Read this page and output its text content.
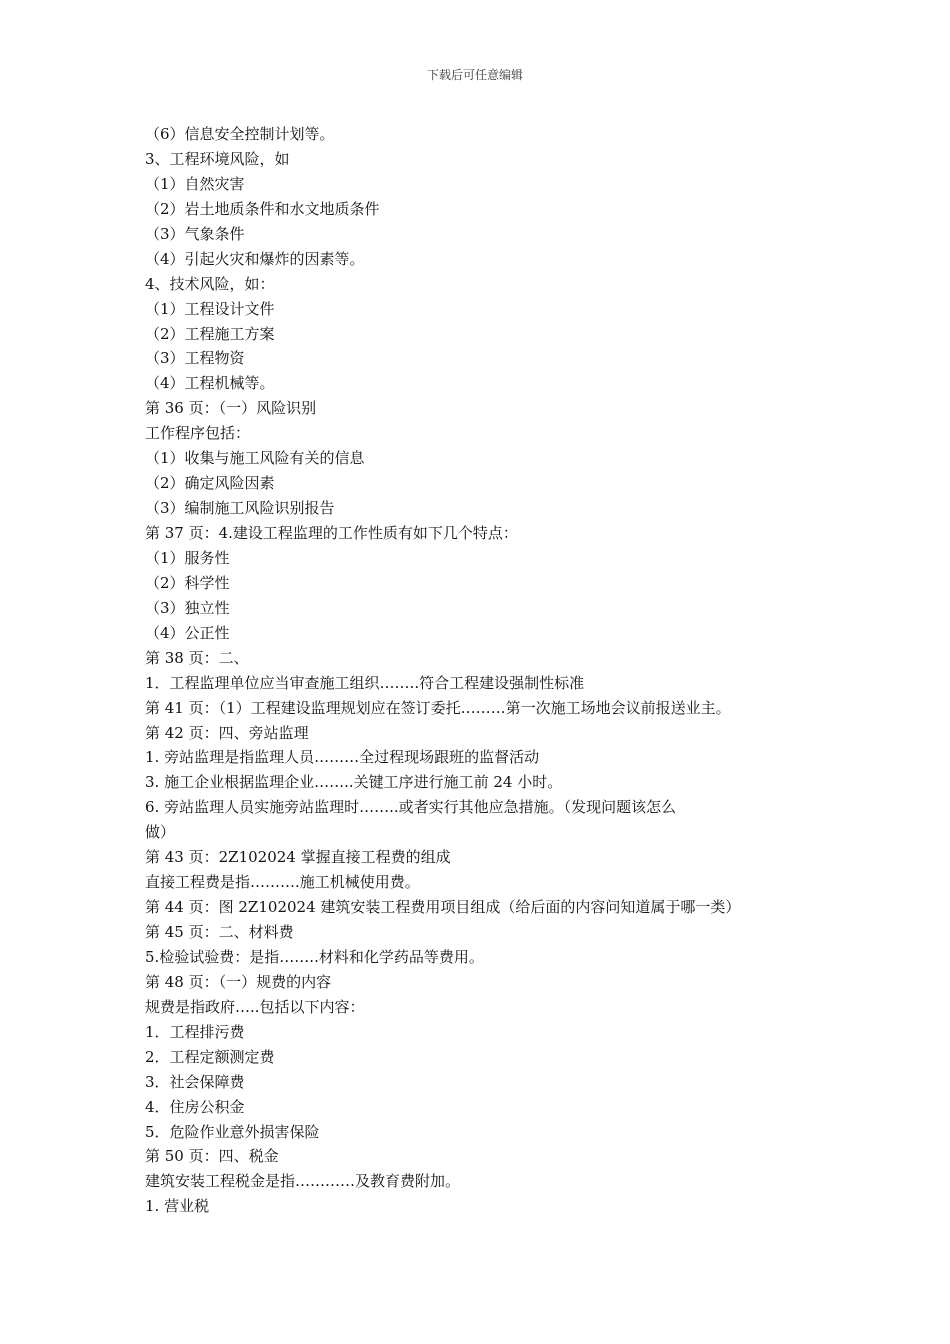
下载后可任意编辑
（6）信息安全控制计划等。
3、工程环境风险，如
（1）自然灾害
（2）岩土地质条件和水文地质条件
（3）气象条件
（4）引起火灾和爆炸的因素等。
4、技术风险，如：
（1）工程设计文件
（2）工程施工方案
（3）工程物资
（4）工程机械等。
第 36 页：（一）风险识别
工作程序包括：
（1）收集与施工风险有关的信息
（2）确定风险因素
（3）编制施工风险识别报告
第 37 页：4.建设工程监理的工作性质有如下几个特点：
（1）服务性
（2）科学性
（3）独立性
（4）公正性
第 38 页：二、
1．工程监理单位应当审查施工组织……..符合工程建设强制性标准
第 41 页：（1）工程建设监理规划应在签订委托………第一次施工场地会议前报送业主。
第 42 页：四、旁站监理
1. 旁站监理是指监理人员………全过程现场跟班的监督活动
3. 施工企业根据监理企业……..关键工序进行施工前 24 小时。
6. 旁站监理人员实施旁站监理时……..或者实行其他应急措施。（发现问题该怎么
做）
第 43 页：2Z102024 掌握直接工程费的组成
直接工程费是指……….施工机械使用费。
第 44 页：图 2Z102024 建筑安装工程费用项目组成（给后面的内容问知道属于哪一类）
第 45 页：二、材料费
5.检验试验费：是指……..材料和化学药品等费用。
第 48 页：（一）规费的内容
规费是指政府…..包括以下内容：
1．工程排污费
2．工程定额测定费
3．社会保障费
4．住房公积金
5．危险作业意外损害保险
第 50 页：四、税金
建筑安装工程税金是指…………及教育费附加。
1. 营业税
